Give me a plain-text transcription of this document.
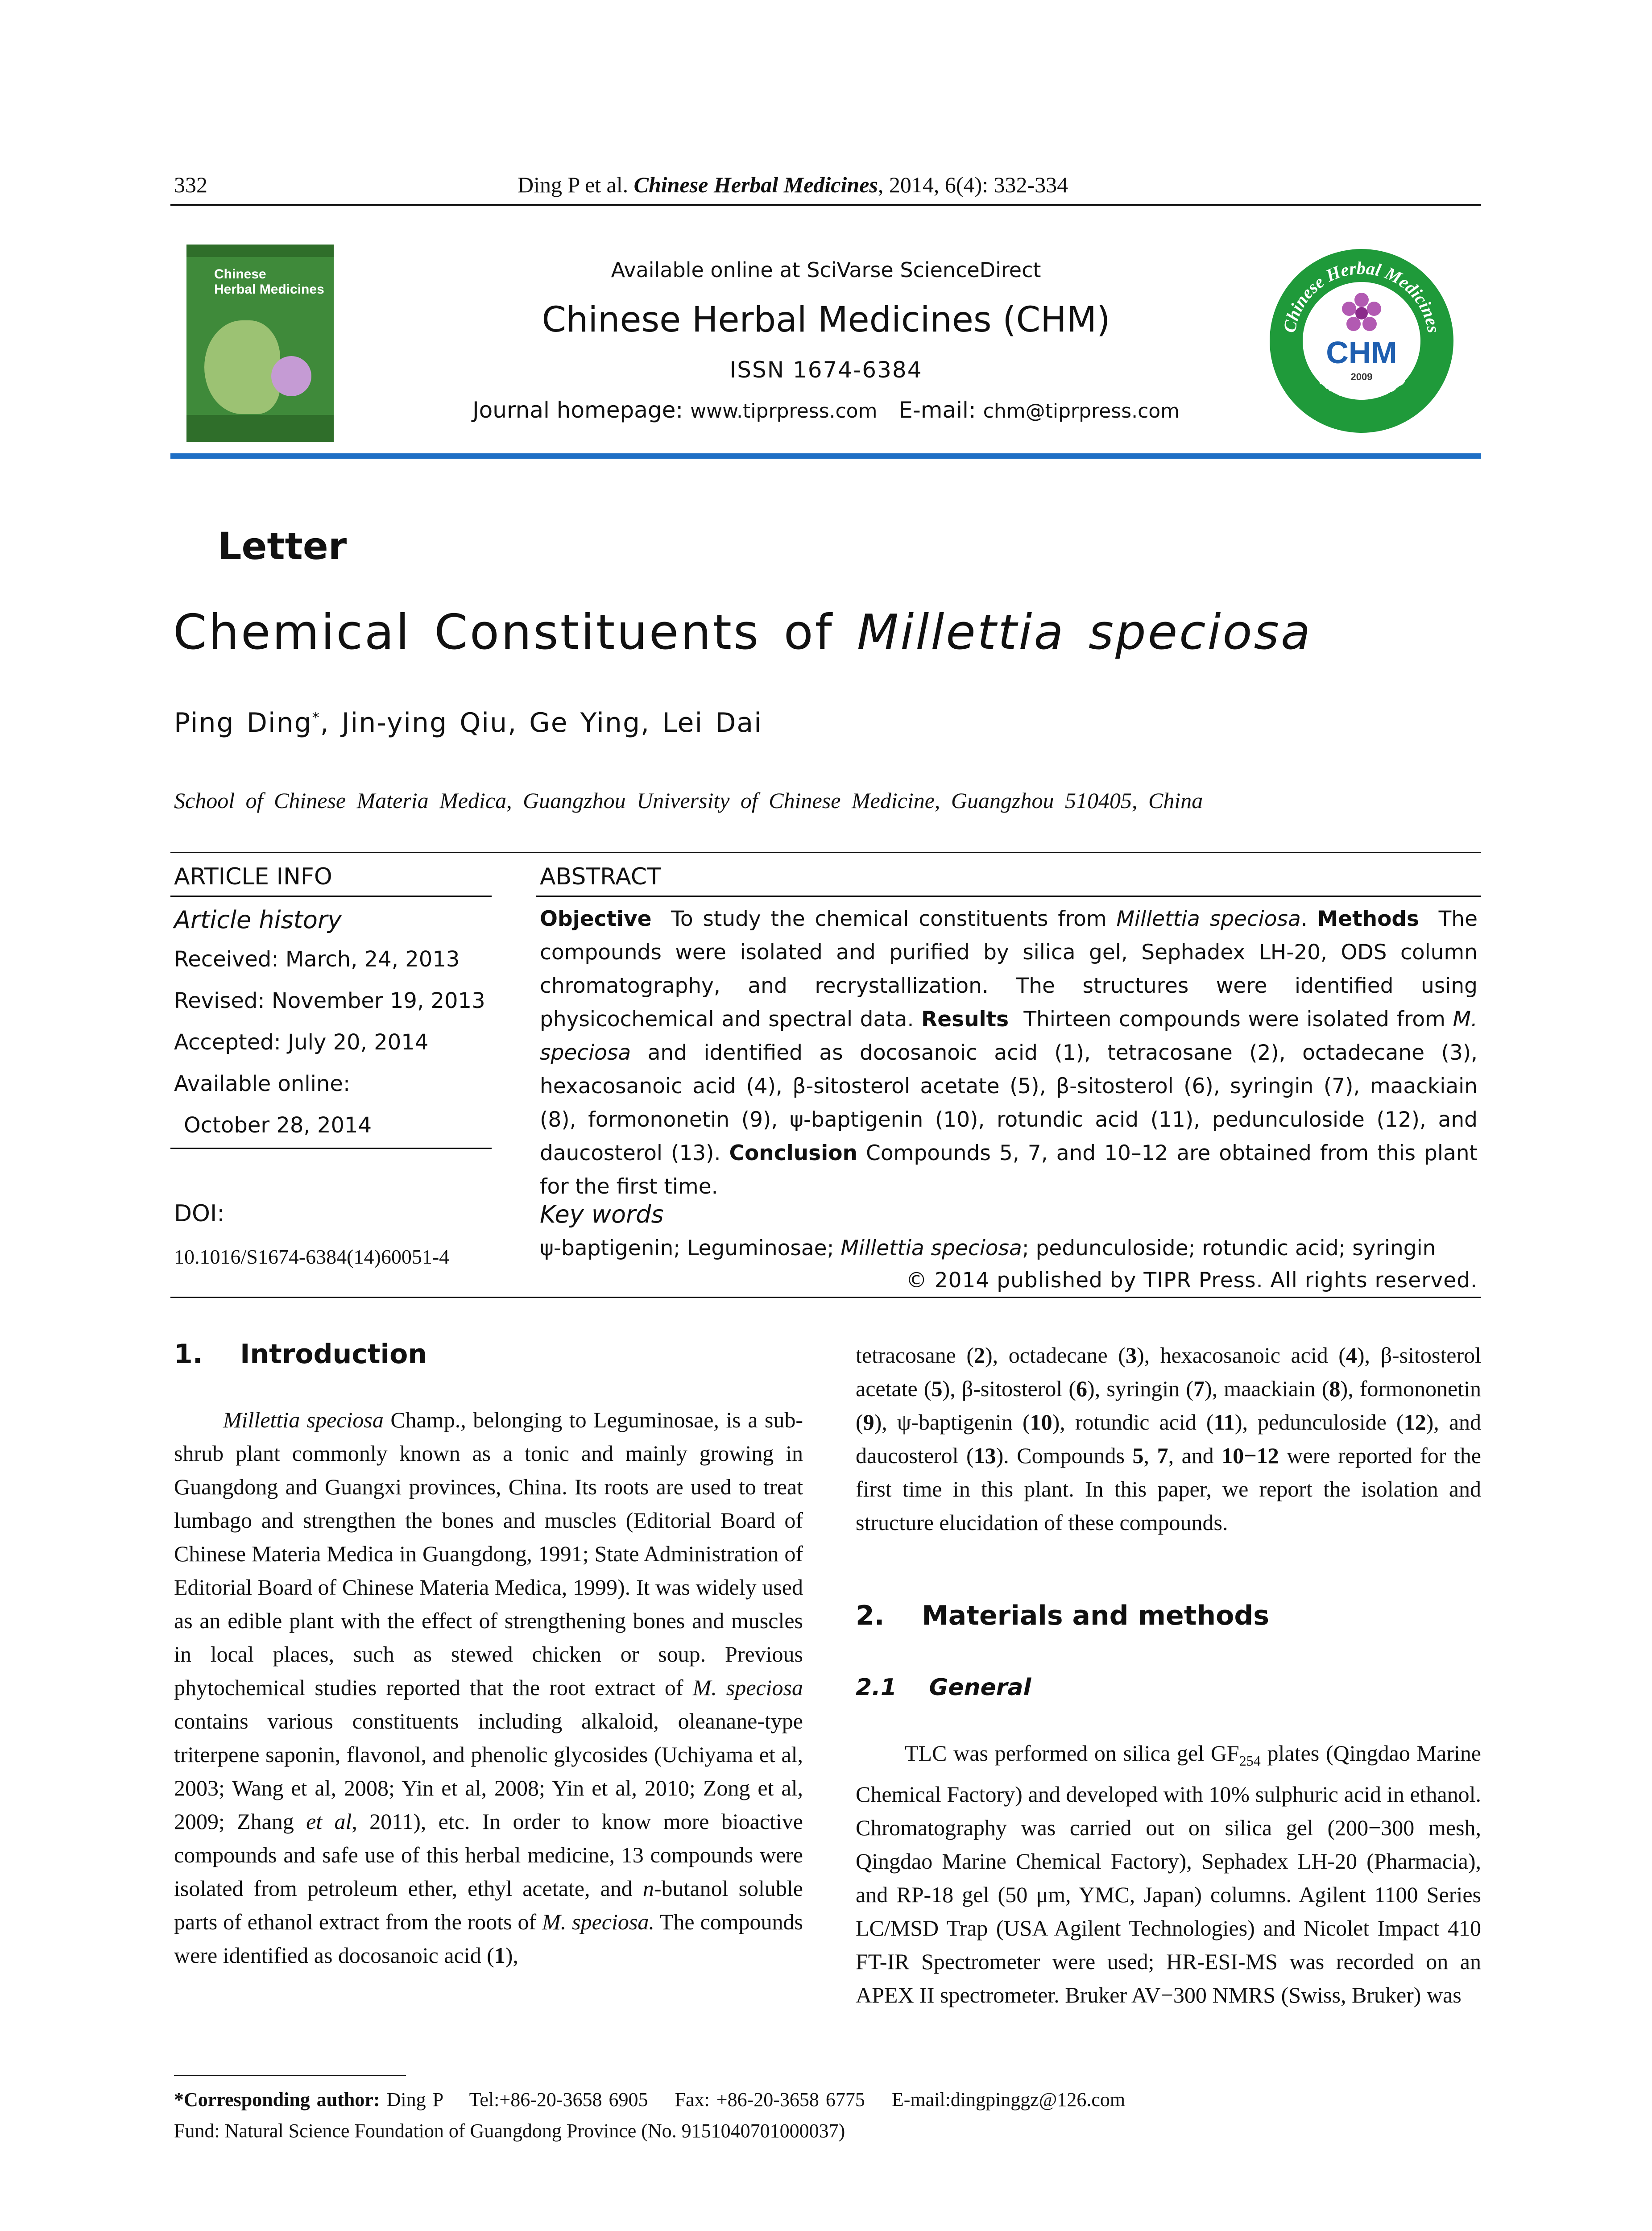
332	Ding P et al. Chinese Herbal Medicines, 2014, 6(4): 332-334
Chinese
Herbal Medicines
Available online at SciVarse ScienceDirect
Chinese Herbal Medicines (CHM)
ISSN 1674-6384
Journal homepage: www.tiprpress.com E-mail: chm@tiprpress.com
Chinese Herbal Medicines
TIPR PRESS
CHM
2009
Letter
Chemical Constituents of Millettia speciosa
Ping Ding*, Jin-ying Qiu, Ge Ying, Lei Dai
School of Chinese Materia Medica, Guangzhou University of Chinese Medicine, Guangzhou 510405, China
ARTICLE INFO
Article history
Received: March, 24, 2013
Revised: November 19, 2013
Accepted: July 20, 2014
Available online:
October 28, 2014
DOI:
10.1016/S1674-6384(14)60051-4
ABSTRACT
Objective To study the chemical constituents from Millettia speciosa. Methods The compounds were isolated and purified by silica gel, Sephadex LH-20, ODS column chromatography, and recrystallization. The structures were identified using physicochemical and spectral data. Results Thirteen compounds were isolated from M. speciosa and identified as docosanoic acid (1), tetracosane (2), octadecane (3), hexacosanoic acid (4), β-sitosterol acetate (5), β-sitosterol (6), syringin (7), maackiain (8), formononetin (9), ψ-baptigenin (10), rotundic acid (11), pedunculoside (12), and daucosterol (13). Conclusion Compounds 5, 7, and 10–12 are obtained from this plant for the first time.
Key words
ψ-baptigenin; Leguminosae; Millettia speciosa; pedunculoside; rotundic acid; syringin
© 2014 published by TIPR Press. All rights reserved.
1.    Introduction
Millettia speciosa Champ., belonging to Leguminosae, is a sub-shrub plant commonly known as a tonic and mainly growing in Guangdong and Guangxi provinces, China. Its roots are used to treat lumbago and strengthen the bones and muscles (Editorial Board of Chinese Materia Medica in Guangdong, 1991; State Administration of Editorial Board of Chinese Materia Medica, 1999). It was widely used as an edible plant with the effect of strengthening bones and muscles in local places, such as stewed chicken or soup. Previous phytochemical studies reported that the root extract of M. speciosa contains various constituents including alkaloid, oleanane-type triterpene saponin, flavonol, and phenolic glycosides (Uchiyama et al, 2003; Wang et al, 2008; Yin et al, 2008; Yin et al, 2010; Zong et al, 2009; Zhang et al, 2011), etc. In order to know more bioactive compounds and safe use of this herbal medicine, 13 compounds were isolated from petroleum ether, ethyl acetate, and n-butanol soluble parts of ethanol extract from the roots of M. speciosa. The compounds were identified as docosanoic acid (1),
tetracosane (2), octadecane (3), hexacosanoic acid (4), β-sitosterol acetate (5), β-sitosterol (6), syringin (7), maackiain (8), formononetin (9), ψ-baptigenin (10), rotundic acid (11), pedunculoside (12), and daucosterol (13). Compounds 5, 7, and 10−12 were reported for the first time in this plant. In this paper, we report the isolation and structure elucidation of these compounds.
2.    Materials and methods
2.1    General
TLC was performed on silica gel $GF_{254}$ plates (Qingdao Marine Chemical Factory) and developed with 10% sulphuric acid in ethanol. Chromatography was carried out on silica gel (200−300 mesh, Qingdao Marine Chemical Factory), Sephadex LH-20 (Pharmacia), and RP-18 gel (50 μm, YMC, Japan) columns. Agilent 1100 Series LC/MSD Trap (USA Agilent Technologies) and Nicolet Impact 410 FT-IR Spectrometer were used; HR-ESI-MS was recorded on an APEX II spectrometer. Bruker AV−300 NMRS (Swiss, Bruker) was
*Corresponding author: Ding P    Tel:+86-20-3658 6905    Fax: +86-20-3658 6775    E-mail:dingpinggz@126.com
Fund: Natural Science Foundation of Guangdong Province (No. 9151040701000037)
